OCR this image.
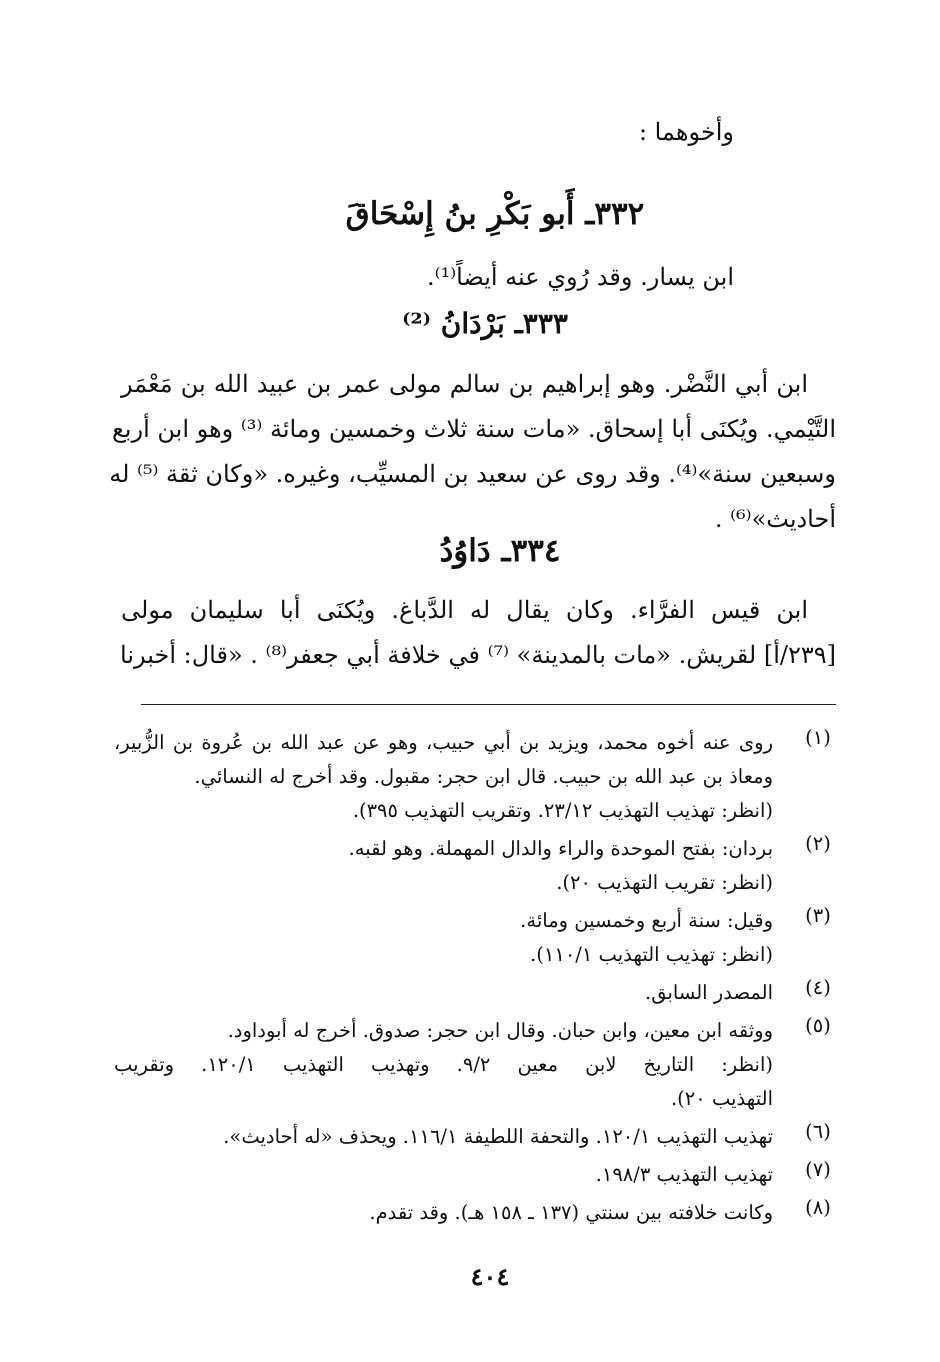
وأخوهما :
٣٣٢ـ أَبو بَكْرِ بنُ إِسْحَاقَ
ابن يسار. وقد رُوي عنه أيضاً⁽¹⁾.
٣٣٣ـ بَرْدَانُ ⁽²⁾
ابن أبي النَّضْر. وهو إبراهيم بن سالم مولى عمر بن عبيد الله بن مَعْمَر
التَّيْمي. ويُكنَى أبا إسحاق. «مات سنة ثلاث وخمسين ومائة ⁽³⁾ وهو ابن أربع
وسبعين سنة»⁽⁴⁾. وقد روى عن سعيد بن المسيِّب، وغيره. «وكان ثقة ⁽⁵⁾ له
أحاديث»⁽⁶⁾ .
٣٣٤ـ دَاوُدُ
ابن قيس الفرَّاء. وكان يقال له الدَّباغ. ويُكنَى أبا سليمان مولى
[٢٣٩/أ] لقريش. «مات بالمدينة» ⁽⁷⁾ في خلافة أبي جعفر⁽⁸⁾ . «قال: أخبرنا
(١)
روى عنه أخوه محمد، ويزيد بن أبي حبيب، وهو عن عبد الله بن عُروة بن الزُّبير،
ومعاذ بن عبد الله بن حبيب. قال ابن حجر: مقبول. وقد أخرج له النسائي.
(انظر: تهذيب التهذيب ٢٣/١٢. وتقريب التهذيب ٣٩٥).
(٢)
بردان: بفتح الموحدة والراء والدال المهملة. وهو لقبه.
(انظر: تقريب التهذيب ٢٠).
(٣)
وقيل: سنة أربع وخمسين ومائة.
(انظر: تهذيب التهذيب ١١٠/١).
(٤)
المصدر السابق.
(٥)
ووثقه ابن معين، وابن حبان. وقال ابن حجر: صدوق. أخرج له أبوداود.
(انظر: التاريخ لابن معين ٩/٢. وتهذيب التهذيب ١٢٠/١. وتقريب
التهذيب ٢٠).
(٦)
تهذيب التهذيب ١٢٠/١. والتحفة اللطيفة ١١٦/١. ويحذف «له أحاديث».
(٧)
تهذيب التهذيب ١٩٨/٣.
(٨)
وكانت خلافته بين سنتي (١٣٧ ـ ١٥٨ هـ). وقد تقدم.
٤٠٤
